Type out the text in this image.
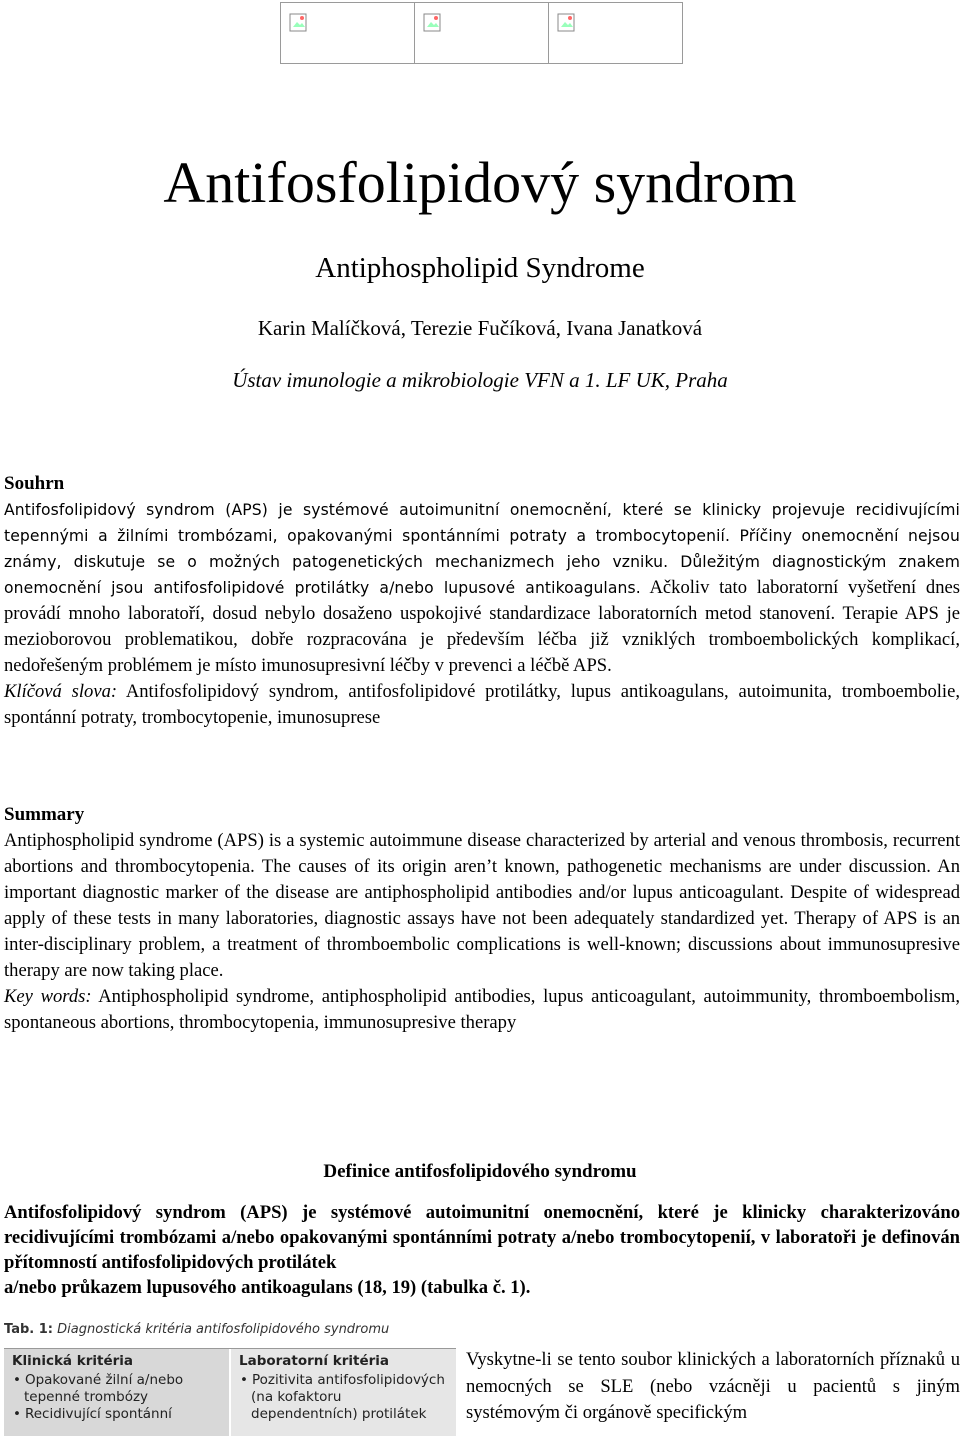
Antifosfolipidový syndrom
Antiphospholipid Syndrome
Karin Malíčková, Terezie Fučíková, Ivana Janatková
Ústav imunologie a mikrobiologie VFN a 1. LF UK, Praha
Souhrn
Antifosfolipidový syndrom (APS) je systémové autoimunitní onemocnění, které se klinicky projevuje recidivujícími tepennými a žilními trombózami, opakovanými spontánními potraty a trombocytopenií. Příčiny onemocnění nejsou známy, diskutuje se o možných patogenetických mechanizmech jeho vzniku. Důležitým diagnostickým znakem onemocnění jsou antifosfolipidové protilátky a/nebo lupusové antikoagulans. Ačkoliv tato laboratorní vyšetření dnes provádí mnoho laboratoří, dosud nebylo dosaženo uspokojivé standardizace laboratorních metod stanovení. Terapie APS je mezioborovou problematikou, dobře rozpracována je především léčba již vzniklých tromboembolických komplikací, nedořešeným problémem je místo imunosupresivní léčby v prevenci a léčbě APS.
Klíčová slova: Antifosfolipidový syndrom, antifosfolipidové protilátky, lupus antikoagulans, autoimunita, tromboembolie, spontánní potraty, trombocytopenie, imunosuprese
Summary
Antiphospholipid syndrome (APS) is a systemic autoimmune disease characterized by arterial and venous thrombosis, recurrent abortions and thrombocytopenia. The causes of its origin aren’t known, pathogenetic mechanisms are under discussion. An important diagnostic marker of the disease are antiphospholipid antibodies and/or lupus anticoagulant. Despite of widespread apply of these tests in many laboratories, diagnostic assays have not been adequately standardized yet. Therapy of APS is an inter-disciplinary problem, a treatment of thromboembolic complications is well-known; discussions about immunosupresive therapy are now taking place.
Key words: Antiphospholipid syndrome, antiphospholipid antibodies, lupus anticoagulant, autoimmunity, thromboembolism, spontaneous abortions, thrombocytopenia, immunosupresive therapy
Definice antifosfolipidového syndromu
Antifosfolipidový syndrom (APS) je systémové autoimunitní onemocnění, které je klinicky charakterizováno recidivujícími trombózami a/nebo opakovanými spontánními potraty a/nebo trombocytopenií, v laboratoři je definován přítomností antifosfolipidových protilátek
a/nebo průkazem lupusového antikoagulans (18, 19) (tabulka č. 1).
Tab. 1: Diagnostická kritéria antifosfolipidového syndromu
Klinická kritéria
• Opakované žilní a/nebo tepenné trombózy
• Recidivující spontánní
Laboratorní kritéria
• Pozitivita antifosfolipidových (na kofaktoru dependentních) protilátek
Vyskytne-li se tento soubor klinických a laboratorních příznaků u nemocných se SLE (nebo vzácněji u pacientů s jiným systémovým či orgánově specifickým
